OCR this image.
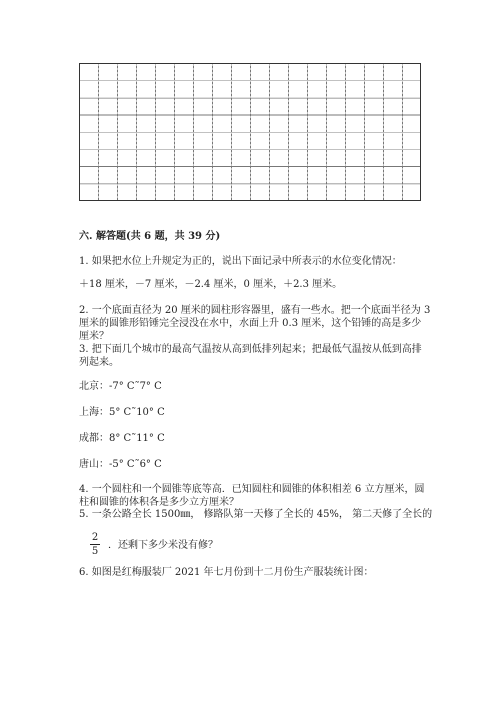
六. 解答题(共 6 题，共 39 分)
1. 如果把水位上升规定为正的，说出下面记录中所表示的水位变化情况：
＋18 厘米，－7 厘米，－2.4 厘米，0 厘米，＋2.3 厘米。
2. 一个底面直径为 20 厘米的圆柱形容器里，盛有一些水。把一个底面半径为 3
厘米的圆锥形铅锤完全浸没在水中，水面上升 0.3 厘米，这个铅锤的高是多少
厘米？
3. 把下面几个城市的最高气温按从高到低排列起来；把最低气温按从低到高排
列起来。
北京：-7° C˜7° C
上海：5° C˜10° C
成都：8° C˜11° C
唐山：-5° C˜6° C
4. 一个圆柱和一个圆锥等底等高．已知圆柱和圆锥的体积相差 6 立方厘米，圆
柱和圆锥的体积各是多少立方厘米？
5. 一条公路全长 1500㎜， 修路队第一天修了全长的 45%， 第二天修了全长的
2
5
．还剩下多少米没有修？
6. 如图是红梅服装厂 2021 年七月份到十二月份生产服装统计图：
